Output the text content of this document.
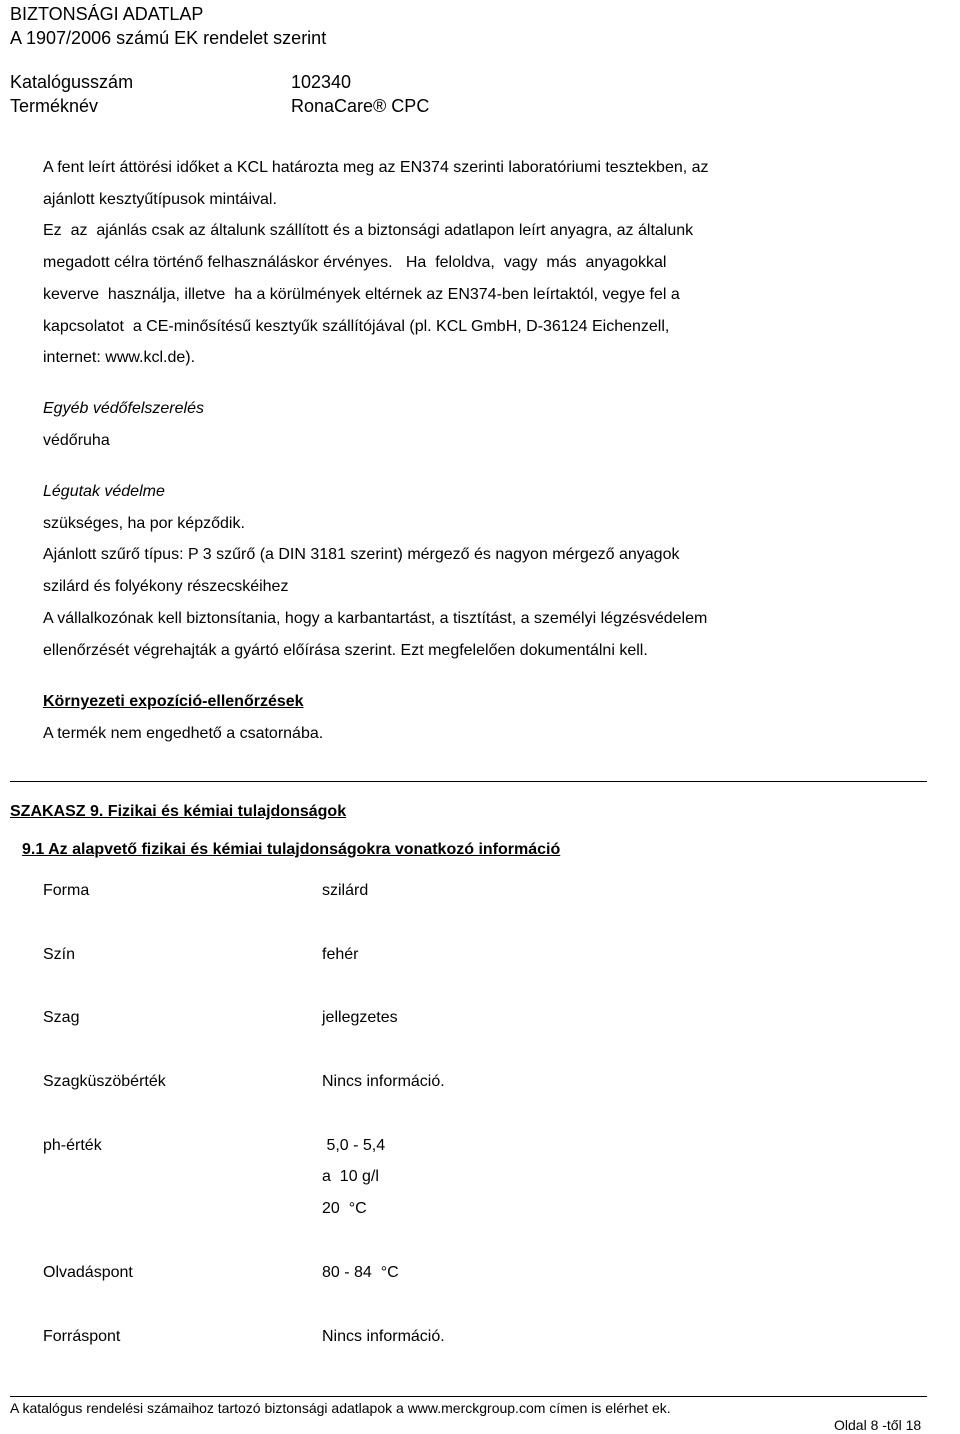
BIZTONSÁGI ADATLAP
A 1907/2006 számú EK rendelet szerint
Katalógusszám	102340
Terméknév	RonaCare® CPC
A fent leírt áttörési időket a KCL határozta meg az EN374 szerinti laboratóriumi tesztekben, az
ajánlott kesztyűtípusok mintáival.
Ez  az  ajánlás csak az általunk szállított és a biztonsági adatlapon leírt anyagra, az általunk
megadott célra történő felhasználáskor érvényes.   Ha  feloldva,  vagy  más  anyagokkal
keverve  használja, illetve  ha a körülmények eltérnek az EN374-ben leírtaktól, vegye fel a
kapcsolatot  a CE-minősítésű kesztyűk szállítójával (pl. KCL GmbH, D-36124 Eichenzell,
internet: www.kcl.de).
Egyéb védőfelszerelés
védőruha
Légutak védelme
szükséges, ha por képződik.
Ajánlott szűrő típus: P 3 szűrő (a DIN 3181 szerint) mérgező és nagyon mérgező anyagok
szilárd és folyékony részecskéihez
A vállalkozónak kell biztonsítania, hogy a karbantartást, a tisztítást, a személyi légzésvédelem
ellenőrzését végrehajták a gyártó előírása szerint. Ezt megfelelően dokumentálni kell.
Környezeti expozíció-ellenőrzések
A termék nem engedhető a csatornába.
SZAKASZ 9. Fizikai és kémiai tulajdonságok
9.1 Az alapvető fizikai és kémiai tulajdonságokra vonatkozó információ
Forma	szilárd
Szín	fehér
Szag	jellegzetes
Szagküszöbérték	Nincs információ.
ph-érték	5,0 - 5,4
a  10 g/l
20  °C
Olvadáspont	80 - 84  °C
Forráspont	Nincs információ.
A katalógus rendelési számaihoz tartozó biztonsági adatlapok a www.merckgroup.com címen is elérhet ek.
Oldal 8 -től 18
